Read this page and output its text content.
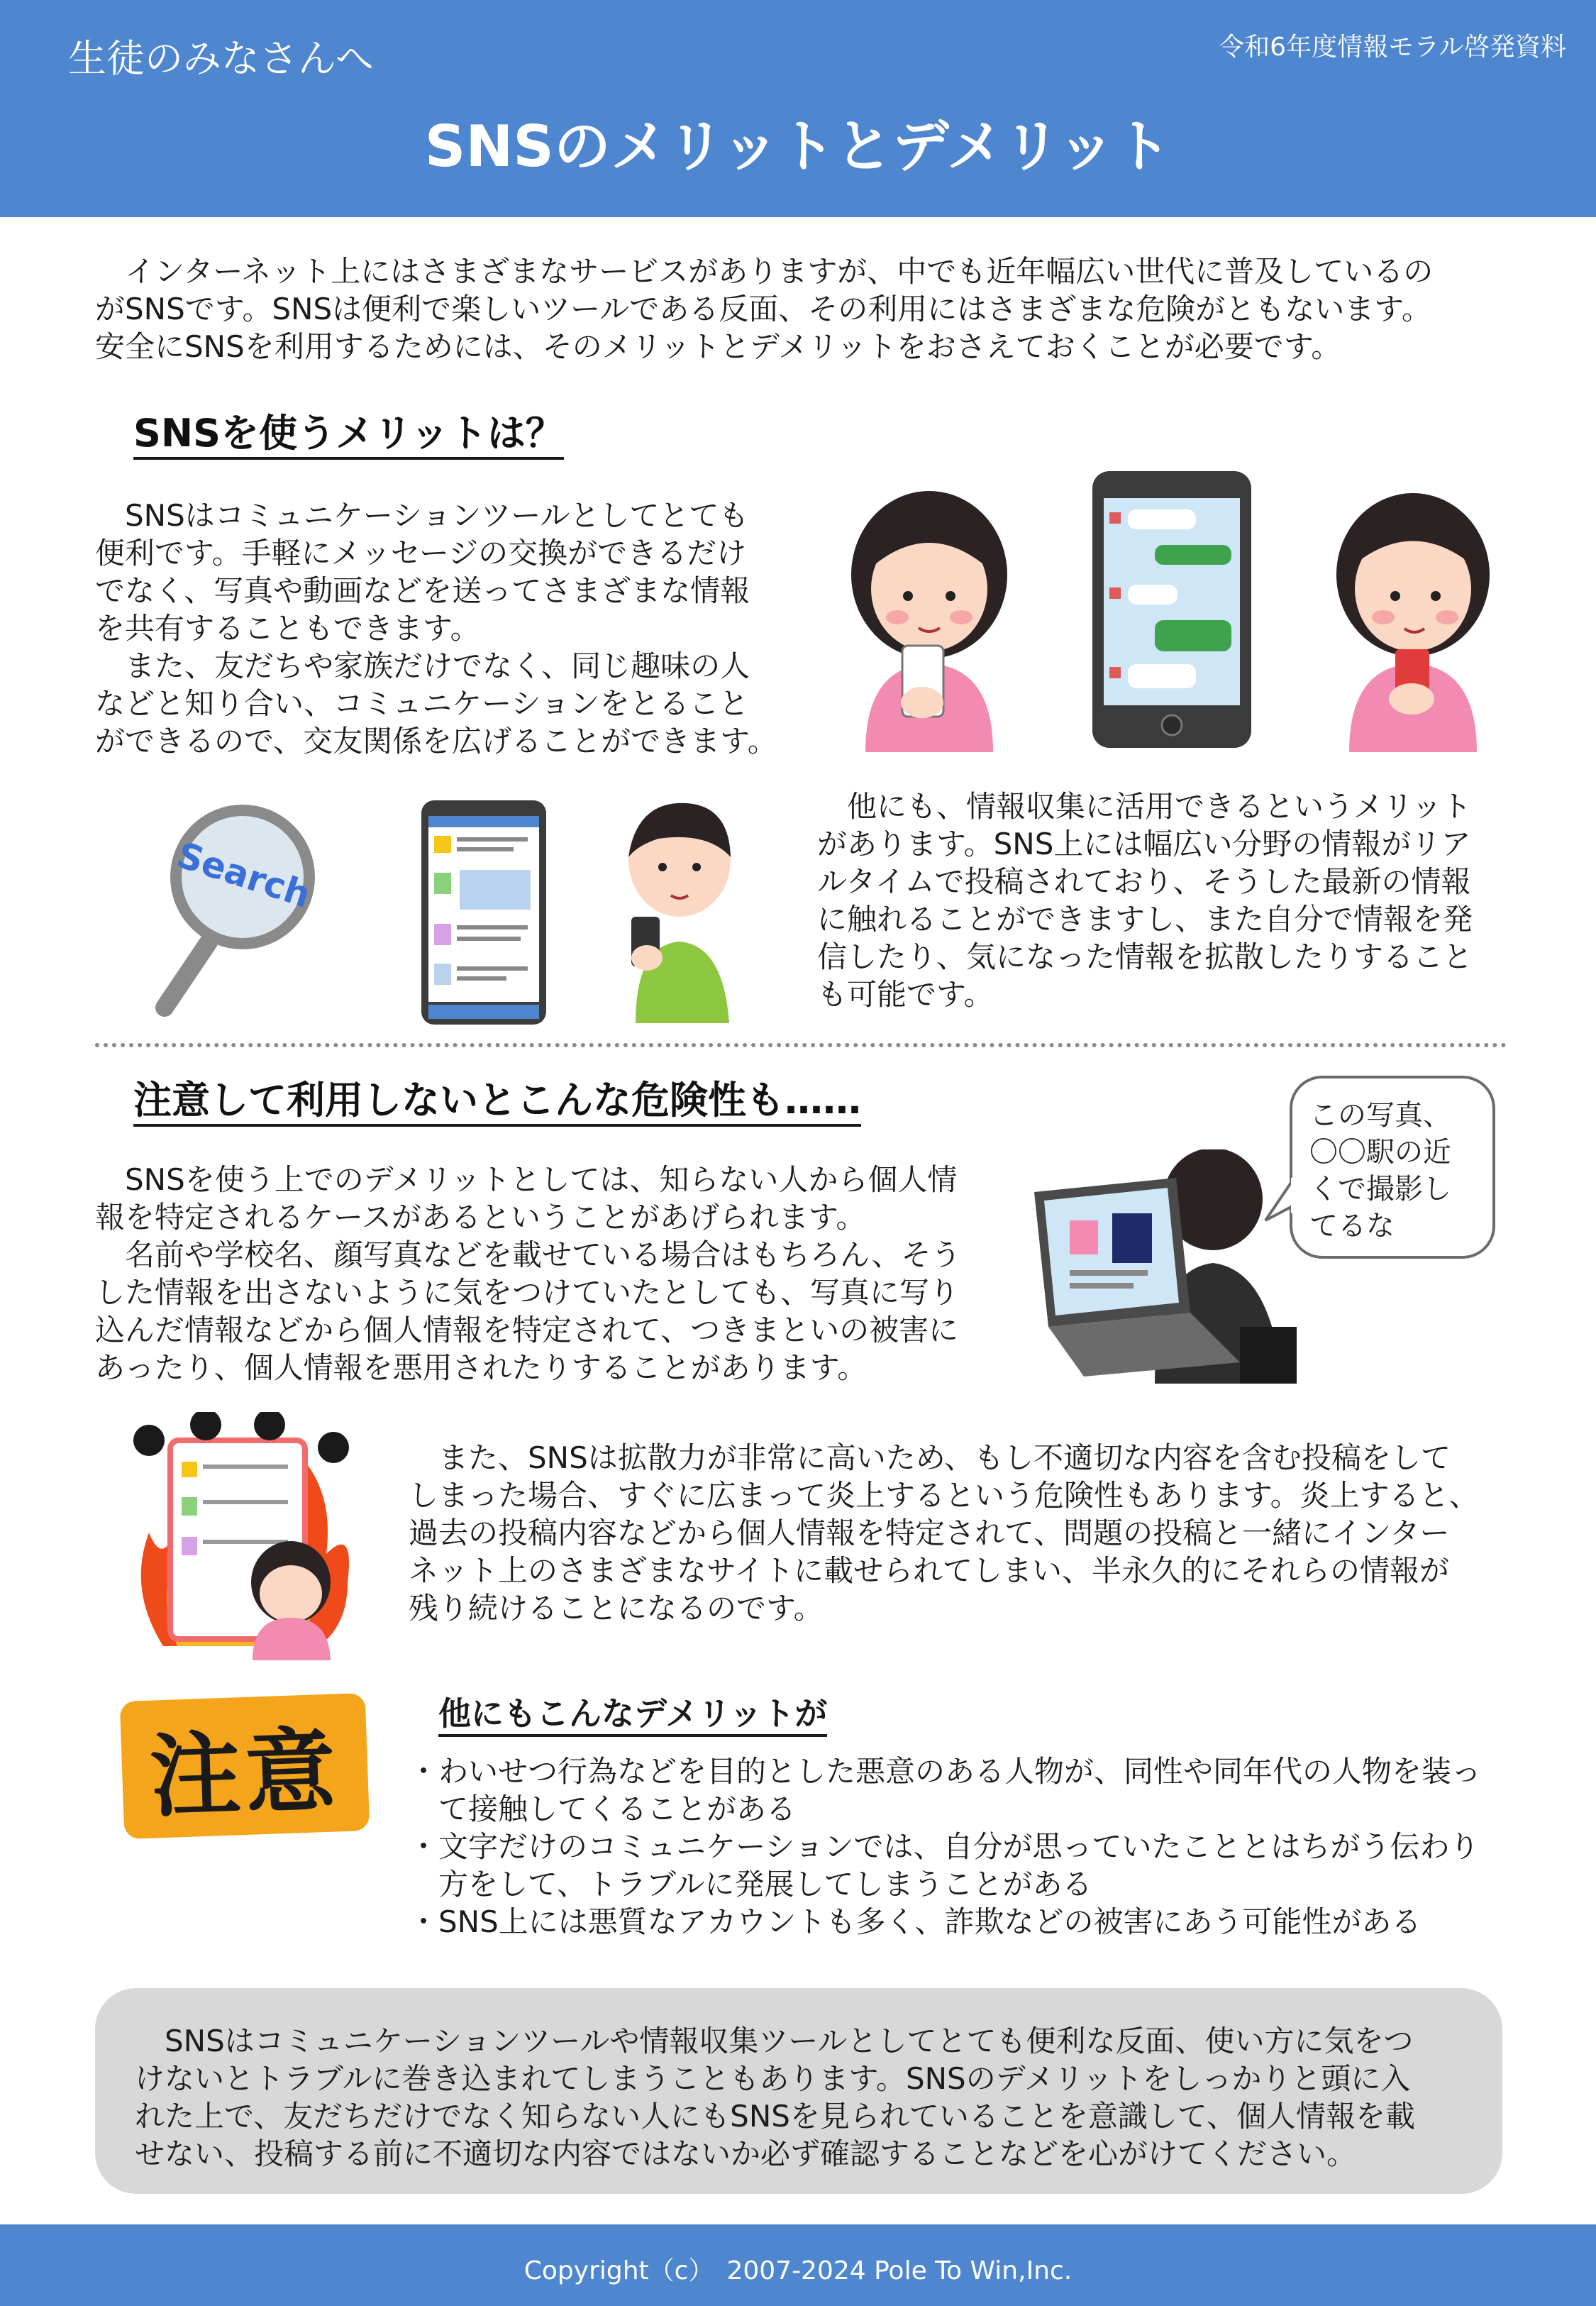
生徒のみなさんへ	令和6年度情報モラル啓発資料
SNSのメリットとデメリット
　インターネット上にはさまざまなサービスがありますが、中でも近年幅広い世代に普及しているの
がSNSです。SNSは便利で楽しいツールである反面、その利用にはさまざまな危険がともないます。
安全にSNSを利用するためには、そのメリットとデメリットをおさえておくことが必要です。
SNSを使うメリットは？
　SNSはコミュニケーションツールとしてとても
便利です。手軽にメッセージの交換ができるだけ
でなく、写真や動画などを送ってさまざまな情報
を共有することもできます。
　また、友だちや家族だけでなく、同じ趣味の人
などと知り合い、コミュニケーションをとること
ができるので、交友関係を広げることができます。
Search
　他にも、情報収集に活用できるというメリット
があります。SNS上には幅広い分野の情報がリア
ルタイムで投稿されており、そうした最新の情報
に触れることができますし、また自分で情報を発
信したり、気になった情報を拡散したりすること
も可能です。
注意して利用しないとこんな危険性も……	この写真、
〇〇駅の近
くで撮影し
てるな
　SNSを使う上でのデメリットとしては、知らない人から個人情
報を特定されるケースがあるということがあげられます。
　名前や学校名、顔写真などを載せている場合はもちろん、そう
した情報を出さないように気をつけていたとしても、写真に写り
込んだ情報などから個人情報を特定されて、つきまといの被害に
あったり、個人情報を悪用されたりすることがあります。
　また、SNSは拡散力が非常に高いため、もし不適切な内容を含む投稿をして
しまった場合、すぐに広まって炎上するという危険性もあります。炎上すると、
過去の投稿内容などから個人情報を特定されて、問題の投稿と一緒にインター
ネット上のさまざまなサイトに載せられてしまい、半永久的にそれらの情報が
残り続けることになるのです。
注意
他にもこんなデメリットが
・わいせつ行為などを目的とした悪意のある人物が、同性や同年代の人物を装って接触してくることがある
・文字だけのコミュニケーションでは、自分が思っていたこととはちがう伝わり方をして、トラブルに発展してしまうことがある
・SNS上には悪質なアカウントも多く、詐欺などの被害にあう可能性がある
　SNSはコミュニケーションツールや情報収集ツールとしてとても便利な反面、使い方に気をつ
けないとトラブルに巻き込まれてしまうこともあります。SNSのデメリットをしっかりと頭に入
れた上で、友だちだけでなく知らない人にもSNSを見られていることを意識して、個人情報を載
せない、投稿する前に不適切な内容ではないか必ず確認することなどを心がけてください。
Copyright（c）　2007-2024 Pole To Win,Inc.
